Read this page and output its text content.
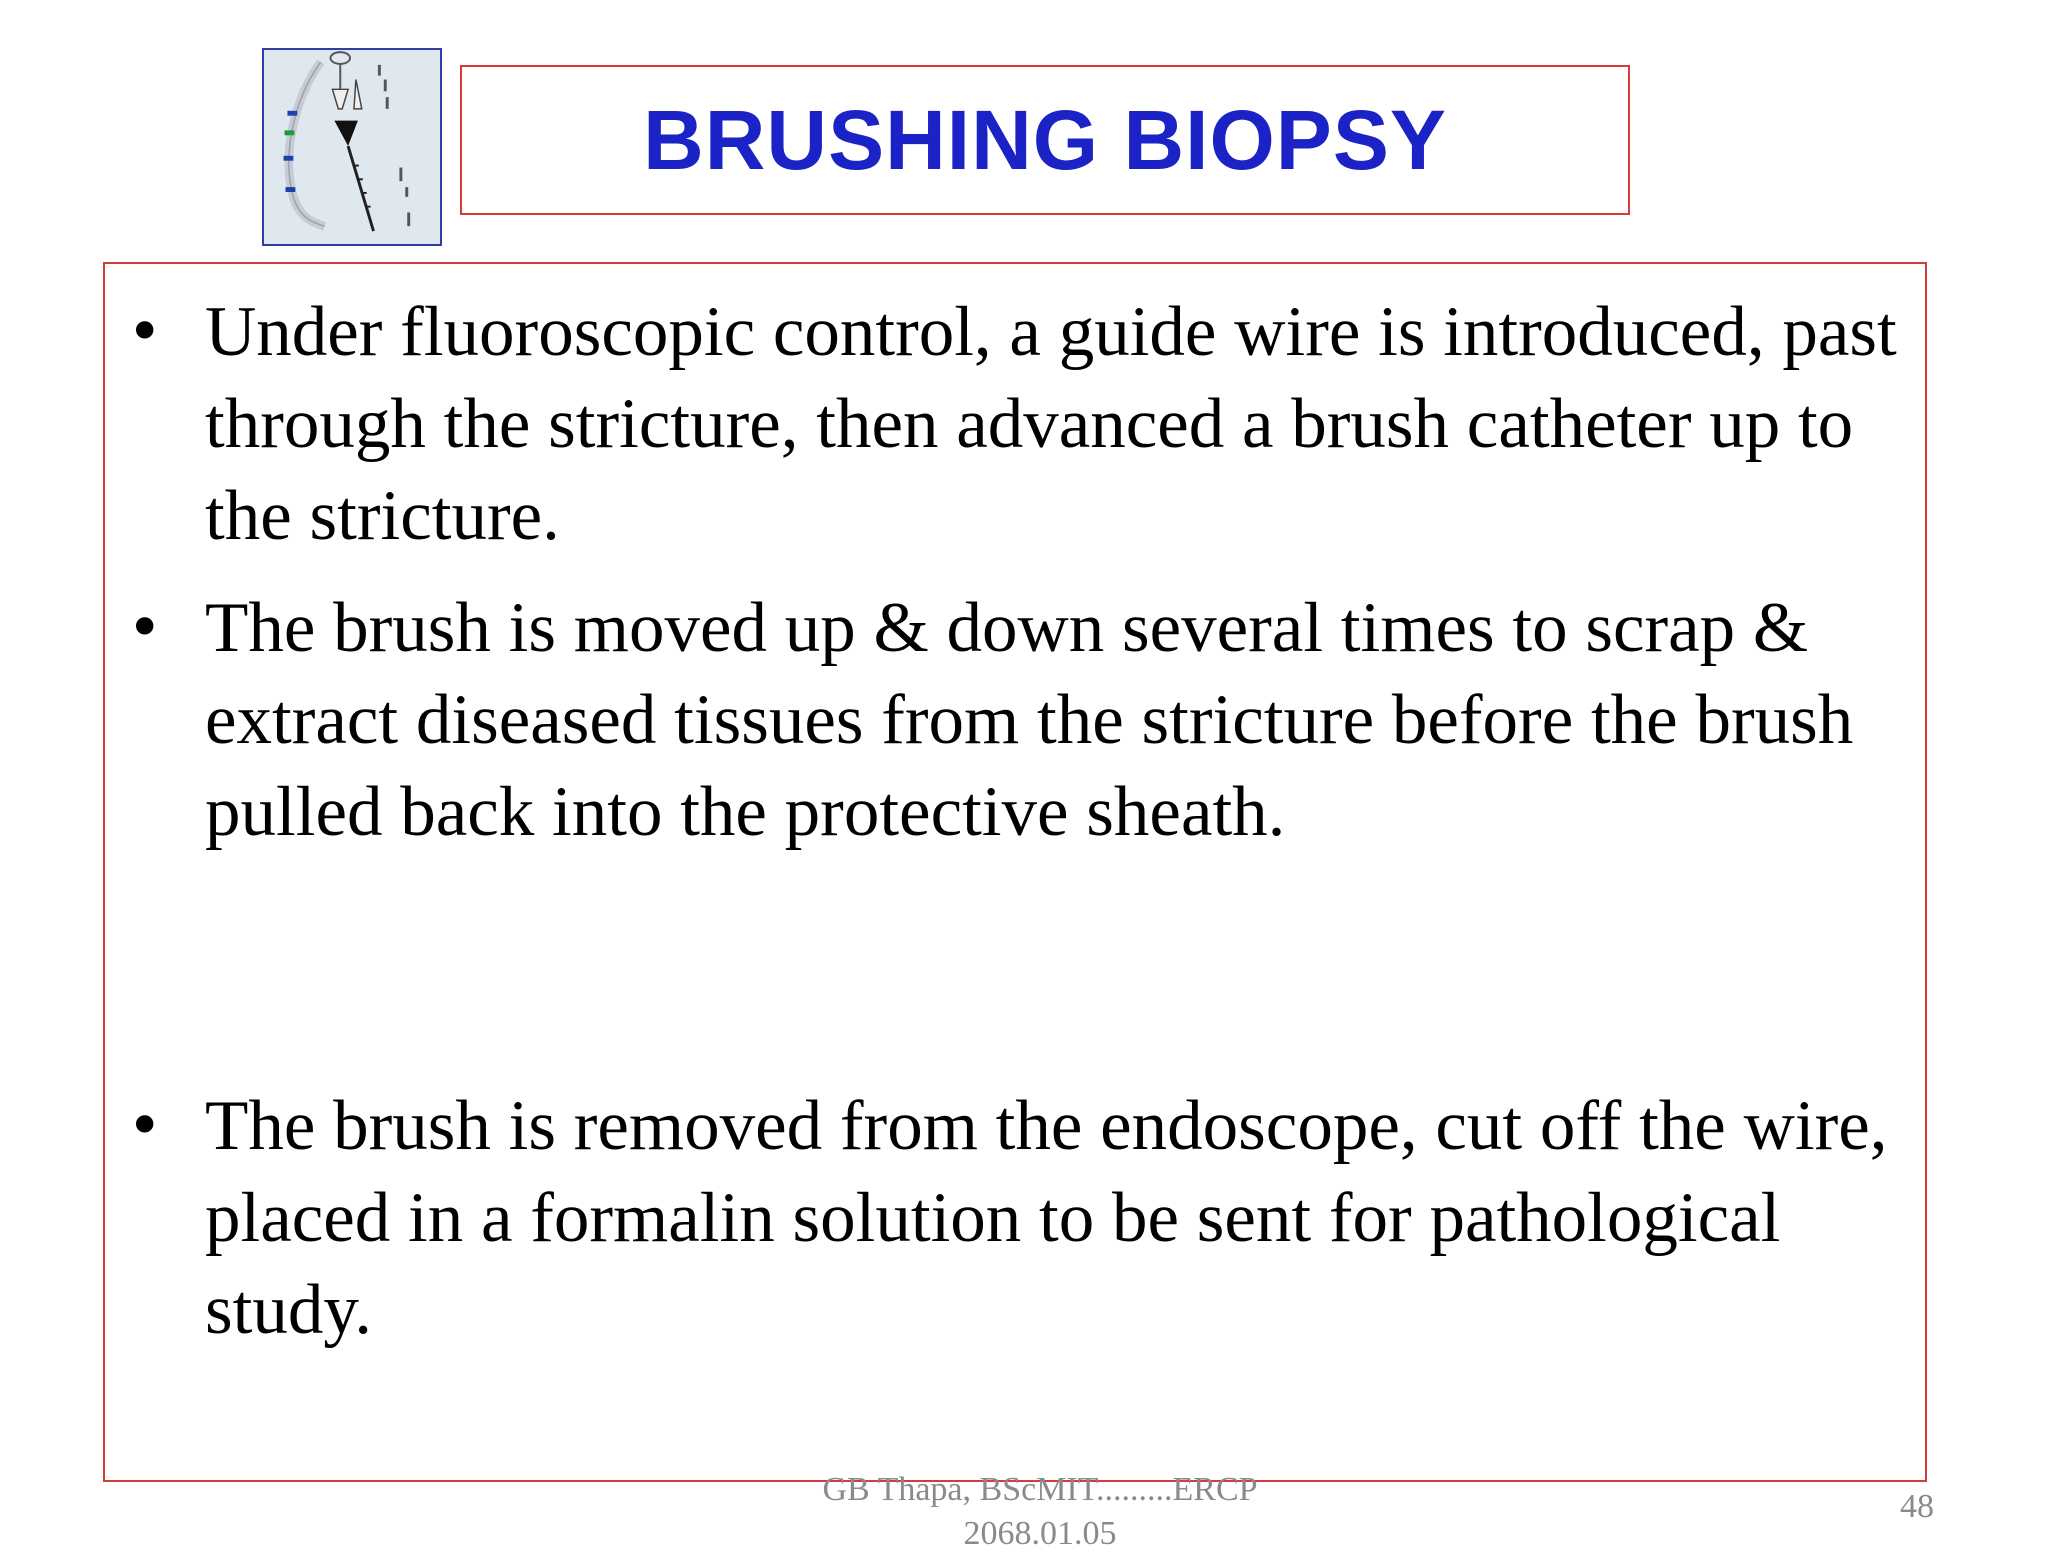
BRUSHING BIOPSY
• Under fluoroscopic control, a guide wire is introduced, past through the stricture, then advanced a brush catheter up to the stricture.
• The brush is moved up & down several times to scrap & extract diseased tissues from the stricture before the brush pulled back into the protective sheath.
• The brush is removed from the endoscope, cut off the wire, placed in a formalin solution to be sent for pathological study.
GB Thapa, BScMIT.........ERCP
2068.01.05
48
